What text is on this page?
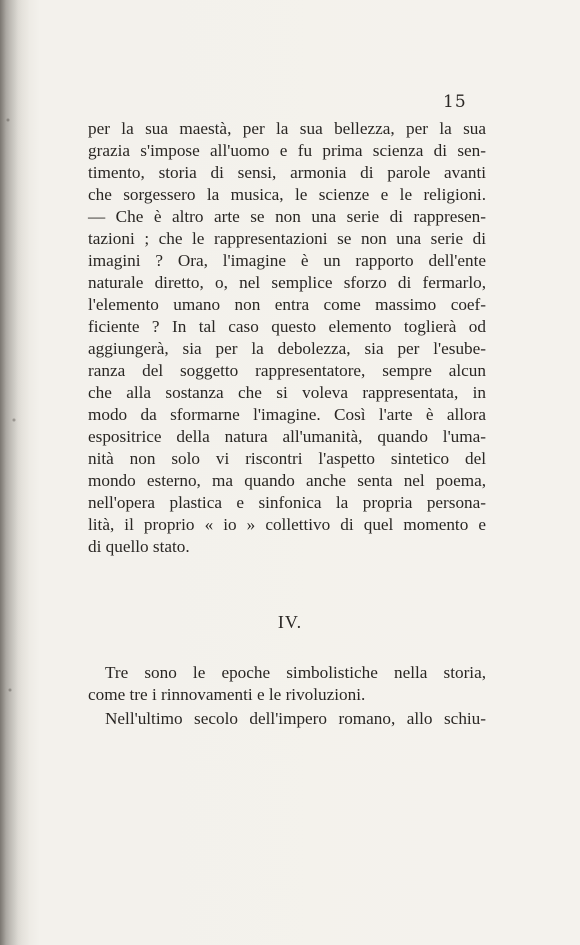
15
per la sua maestà, per la sua bellezza, per la sua
grazia s'impose all'uomo e fu prima scienza di sen-
timento, storia di sensi, armonia di parole avanti
che sorgessero la musica, le scienze e le religioni.
— Che è altro arte se non una serie di rappresen-
tazioni ; che le rappresentazioni se non una serie di
imagini ? Ora, l'imagine è un rapporto dell'ente
naturale diretto, o, nel semplice sforzo di fermarlo,
l'elemento umano non entra come massimo coef-
ficiente ? In tal caso questo elemento toglierà od
aggiungerà, sia per la debolezza, sia per l'esube-
ranza del soggetto rappresentatore, sempre alcun
che alla sostanza che si voleva rappresentata, in
modo da sformarne l'imagine. Così l'arte è allora
espositrice della natura all'umanità, quando l'uma-
nità non solo vi riscontri l'aspetto sintetico del
mondo esterno, ma quando anche senta nel poema,
nell'opera plastica e sinfonica la propria persona-
lità, il proprio « io » collettivo di quel momento e
di quello stato.
IV.
Tre sono le epoche simbolistiche nella storia,
come tre i rinnovamenti e le rivoluzioni.
Nell'ultimo secolo dell'impero romano, allo schiu-
